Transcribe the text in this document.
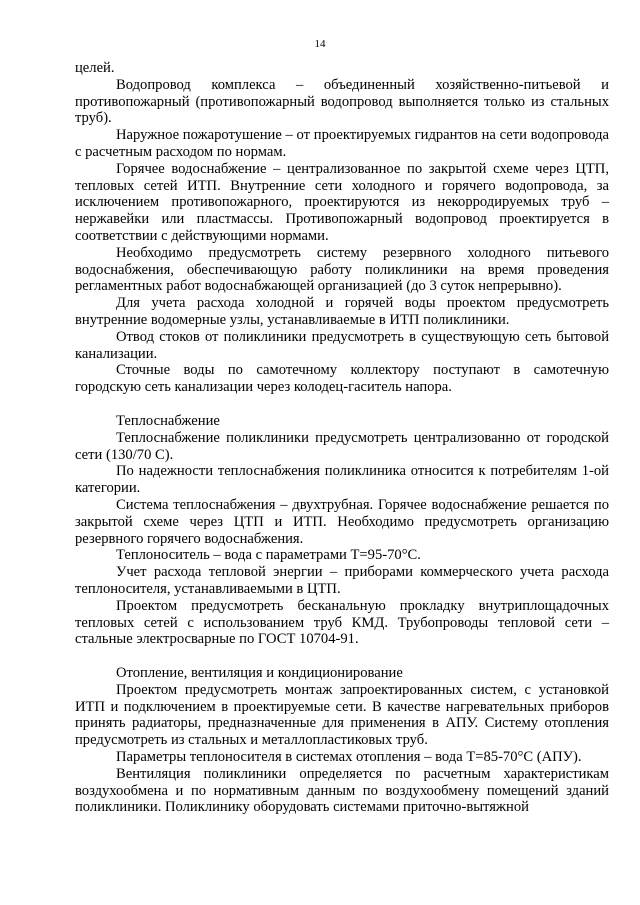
14

целей.

Водопровод комплекса – объединенный хозяйственно-питьевой и противопожарный (противопожарный водопровод выполняется только из стальных труб).

Наружное пожаротушение – от проектируемых гидрантов на сети водопровода с расчетным расходом по нормам.

Горячее водоснабжение – централизованное по закрытой схеме через ЦТП, тепловых сетей ИТП. Внутренние сети холодного и горячего водопровода, за исключением противопожарного, проектируются из некорродируемых труб – нержавейки или пластмассы. Противопожарный водопровод проектируется в соответствии с действующими нормами.

Необходимо предусмотреть систему резервного холодного питьевого водоснабжения, обеспечивающую работу поликлиники на время проведения регламентных работ водоснабжающей организацией (до 3 суток непрерывно).

Для учета расхода холодной и горячей воды проектом предусмотреть внутренние водомерные узлы, устанавливаемые в ИТП поликлиники.

Отвод стоков от поликлиники предусмотреть в существующую сеть бытовой канализации.

Сточные воды по самотечному коллектору поступают в самотечную городскую сеть канализации через колодец-гаситель напора.

Теплоснабжение

Теплоснабжение поликлиники предусмотреть централизованно от городской сети (130/70 С).

По надежности теплоснабжения поликлиника относится к потребителям 1-ой категории.

Система теплоснабжения – двухтрубная. Горячее водоснабжение решается по закрытой схеме через ЦТП и ИТП. Необходимо предусмотреть организацию резервного горячего водоснабжения.

Теплоноситель – вода с параметрами Т=95-70°С.

Учет расхода тепловой энергии – приборами коммерческого учета расхода теплоносителя, устанавливаемыми в ЦТП.

Проектом предусмотреть бесканальную прокладку внутриплощадочных тепловых сетей с использованием труб КМД. Трубопроводы тепловой сети – стальные электросварные по ГОСТ 10704-91.

Отопление, вентиляция и кондиционирование

Проектом предусмотреть монтаж запроектированных систем, с установкой ИТП и подключением в проектируемые сети. В качестве нагревательных приборов принять радиаторы, предназначенные для применения в АПУ. Систему отопления предусмотреть из стальных и металлопластиковых труб.

Параметры теплоносителя в системах отопления – вода Т=85-70°С (АПУ).

Вентиляция поликлиники определяется по расчетным характеристикам воздухообмена и по нормативным данным по воздухообмену помещений зданий поликлиники. Поликлинику оборудовать системами приточно-вытяжной
